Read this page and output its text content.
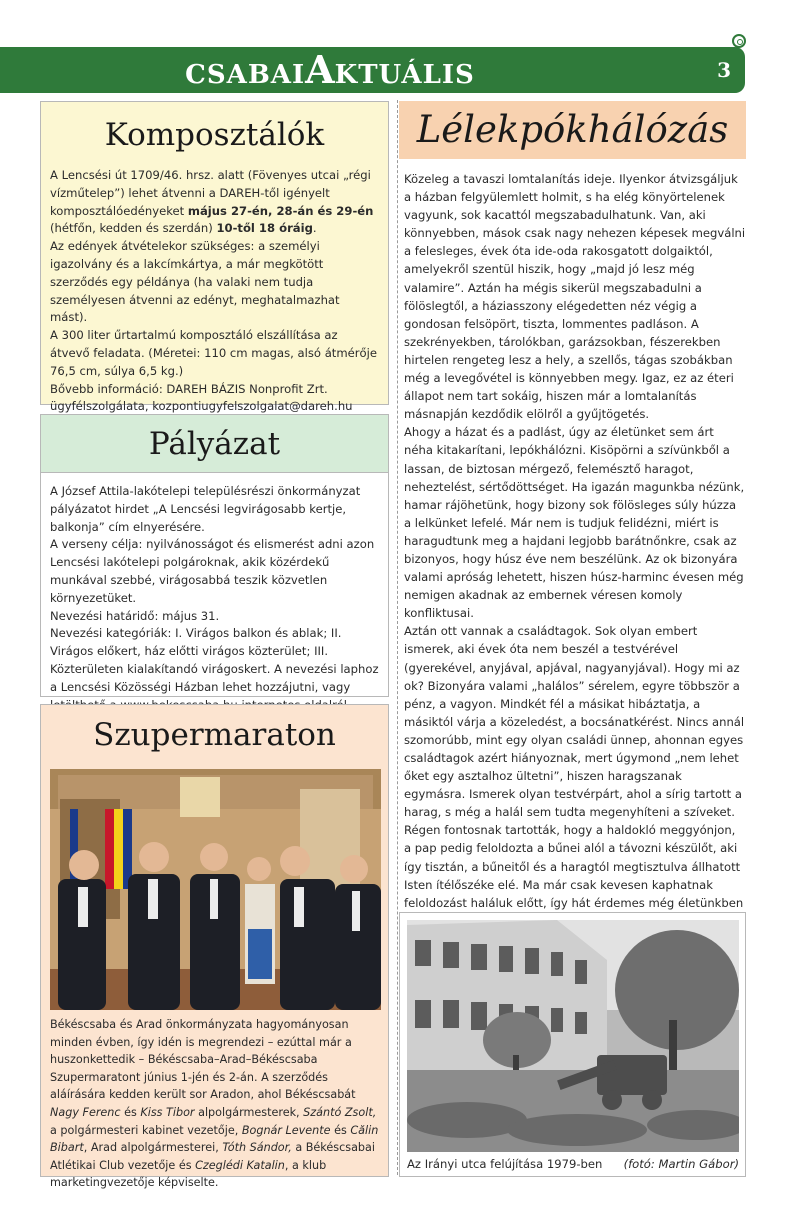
CSABAIAKTUÁLIS	3
Komposztálók

A Lencsési út 1709/46. hrsz. alatt (Fövenyes utcai „régi vízműtelep”) lehet átvenni a DAREH-től igényelt komposztálóedényeket május 27-én, 28-án és 29-én (hétfőn, kedden és szerdán) 10-től 18 óráig.

Az edények átvételekor szükséges: a személyi igazolvány és a lakcímkártya, a már megkötött szerződés egy példánya (ha valaki nem tudja személyesen átvenni az edényt, meghatalmazhat mást).

A 300 liter űrtartalmú komposztáló elszállítása az átvevő feladata. (Méretei: 110 cm magas, alsó átmérője 76,5 cm, súlya 6,5 kg.)

Bővebb információ: DAREH BÁZIS Nonprofit Zrt. ügyfélszolgálata, kozpontiugyfelszolgalat@dareh.hu

Pályázat

A József Attila-lakótelepi településrészi önkormányzat pályázatot hirdet „A Lencsési legvirágosabb kertje, balkonja” cím elnyerésére.

A verseny célja: nyilvánosságot és elismerést adni azon Lencsési lakótelepi polgároknak, akik közérdekű munkával szebbé, virágosabbá teszik közvetlen környezetüket.

Nevezési határidő: május 31.

Nevezési kategóriák: I. Virágos balkon és ablak; II. Virágos előkert, ház előtti virágos közterület; III. Közterületen kialakítandó virágoskert. A nevezési laphoz a Lencsési Közösségi Házban lehet hozzájutni, vagy

Szupermaraton
Békéscsaba és Arad önkormányzata hagyományosan minden évben, így idén is megrendezi – ezúttal már a huszonkettedik – Békéscsaba–Arad–Békéscsaba Szupermaratont június 1-jén és 2-án. A szerződés aláírására kedden került sor Aradon, ahol Békéscsabát Nagy Ferenc és Kiss Tibor alpolgármesterek, Szántó Zsolt, a polgármesteri kabinet vezetője, Bognár Levente és Călin Bibart, Arad alpolgármesterei, Tóth Sándor, a Békéscsabai Atlétikai Club vezetője és Czeglédi Katalin, a klub marketingvezetője képviselte.
Lélekpókhálózás

Közeleg a tavaszi lomtalanítás ideje. Ilyenkor átvizsgáljuk a házban felgyülemlett holmit, s ha elég könyörtelenek vagyunk, sok kacattól megszabadulhatunk. Van, aki könnyebben, mások csak nagy nehezen képesek megválni a felesleges, évek óta ide-oda rakosgatott dolgaiktól, amelyekről szentül hiszik, hogy „majd jó lesz még valamire”. Aztán ha mégis sikerül megszabadulni a fölöslegtől, a háziasszony elégedetten néz végig a gondosan felsöpört, tiszta, lommentes padláson. A szekrényekben, tárolókban, garázsokban, fészerekben hirtelen rengeteg lesz a hely, a szellős, tágas szobákban még a levegővétel is könnyebben megy. Igaz, ez az éteri állapot nem tart sokáig, hiszen már a lomtalanítás másnapján kezdődik elölről a gyűjtögetés.

Ahogy a házat és a padlást, úgy az életünket sem árt néha kitakarítani, lepókhálózni. Kisöpörni a szívünkből a lassan, de biztosan mérgező, felemésztő haragot, neheztelést, sértődöttséget. Ha igazán magunkba nézünk, hamar rájöhetünk, hogy bizony sok fölösleges súly húzza a lelkünket lefelé. Már nem is tudjuk felidézni, miért is haragudtunk meg a hajdani legjobb barátnőnkre, csak az bizonyos, hogy húsz éve nem beszélünk. Az ok bizonyára valami apróság lehetett, hiszen húsz-harminc évesen még nemigen akadnak az embernek véresen komoly konfliktusai.

Aztán ott vannak a családtagok. Sok olyan embert ismerek, aki évek óta nem beszél a testvérével (gyerekével, anyjával, apjával, nagyanyjával). Hogy mi az ok? Bizonyára valami „halálos” sérelem, egyre többször a pénz, a vagyon. Mindkét fél a másikat hibáztatja, a másiktól várja a közeledést, a bocsánatkérést. Nincs annál szomorúbb, mint egy olyan családi ünnep, ahonnan egyes családtagok azért hiányoznak, mert úgymond „nem lehet őket egy asztalhoz ültetni”, hiszen haragszanak egymásra. Ismerek olyan testvérpárt, ahol a sírig tartott a harag, s még a halál sem tudta megenyhíteni a szíveket. Régen fontosnak tartották, hogy a haldokló meggyónjon, a pap pedig feloldozta a bűnei alól a távozni készülőt, aki így tisztán, a bűneitől és a haragtól megtisztulva állhatott Isten ítélőszéke elé. Ma már csak kevesen kaphatnak feloldozást haláluk előtt, így hát érdemes még életünkben

Az Irányi utca felújítása 1979-ben (fotó: Martin Gábor)
